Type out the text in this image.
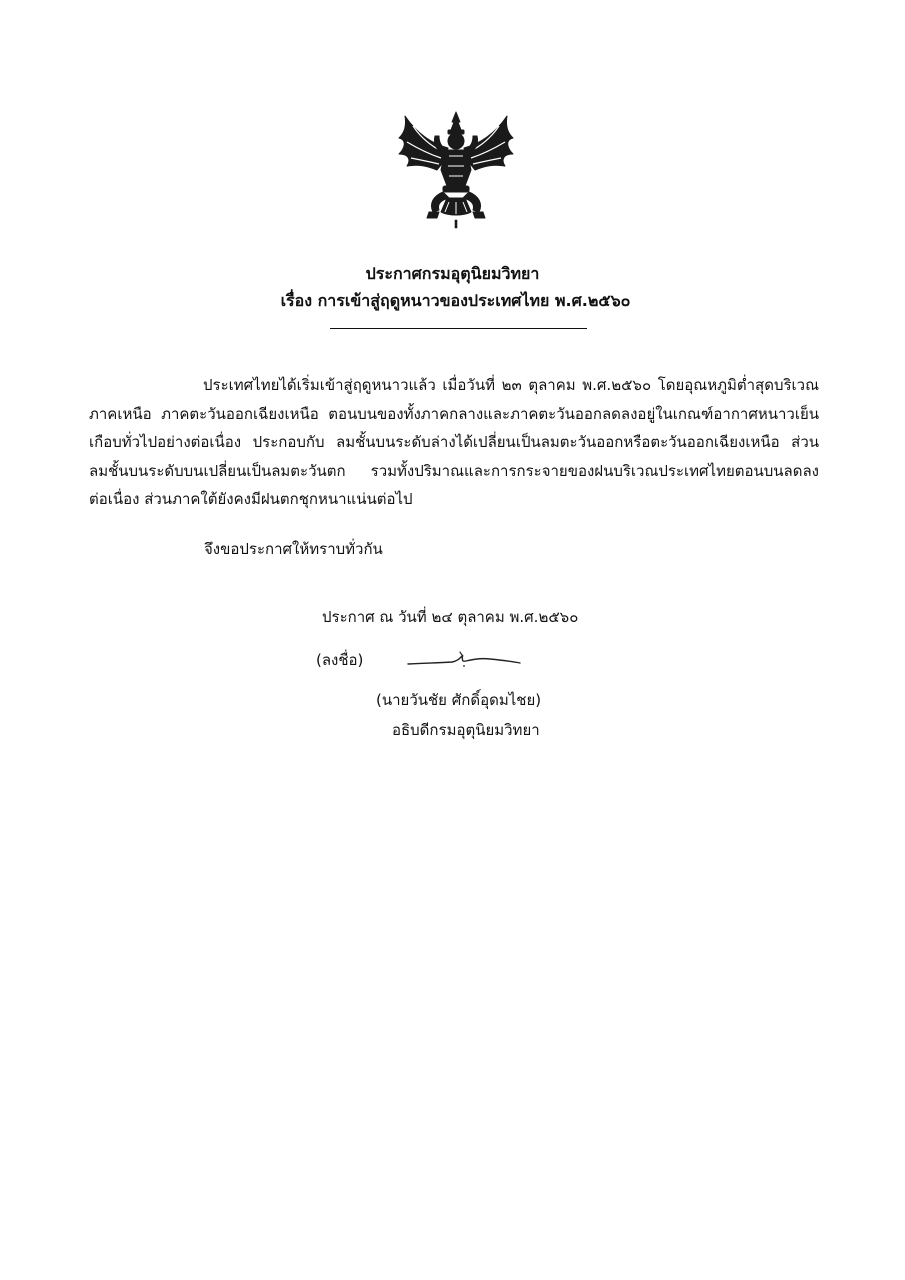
ประกาศกรมอุตุนิยมวิทยา
เรื่อง การเข้าสู่ฤดูหนาวของประเทศไทย พ.ศ.๒๕๖๐
ประเทศไทยได้เริ่มเข้าสู่ฤดูหนาวแล้ว เมื่อวันที่ ๒๓ ตุลาคม พ.ศ.๒๕๖๐ โดยอุณหภูมิต่ำสุดบริเวณ
ภาคเหนือ ภาคตะวันออกเฉียงเหนือ ตอนบนของทั้งภาคกลางและภาคตะวันออกลดลงอยู่ในเกณฑ์อากาศหนาวเย็น
เกือบทั่วไปอย่างต่อเนื่อง ประกอบกับ ลมชั้นบนระดับล่างได้เปลี่ยนเป็นลมตะวันออกหรือตะวันออกเฉียงเหนือ ส่วน
ลมชั้นบนระดับบนเปลี่ยนเป็นลมตะวันตก รวมทั้งปริมาณและการกระจายของฝนบริเวณประเทศไทยตอนบนลดลง
ต่อเนื่อง ส่วนภาคใต้ยังคงมีฝนตกชุกหนาแน่นต่อไป
จึงขอประกาศให้ทราบทั่วกัน
ประกาศ ณ วันที่ ๒๔ ตุลาคม พ.ศ.๒๕๖๐
(ลงชื่อ)
(นายวันชัย ศักดิ์อุดมไชย)
อธิบดีกรมอุตุนิยมวิทยา
